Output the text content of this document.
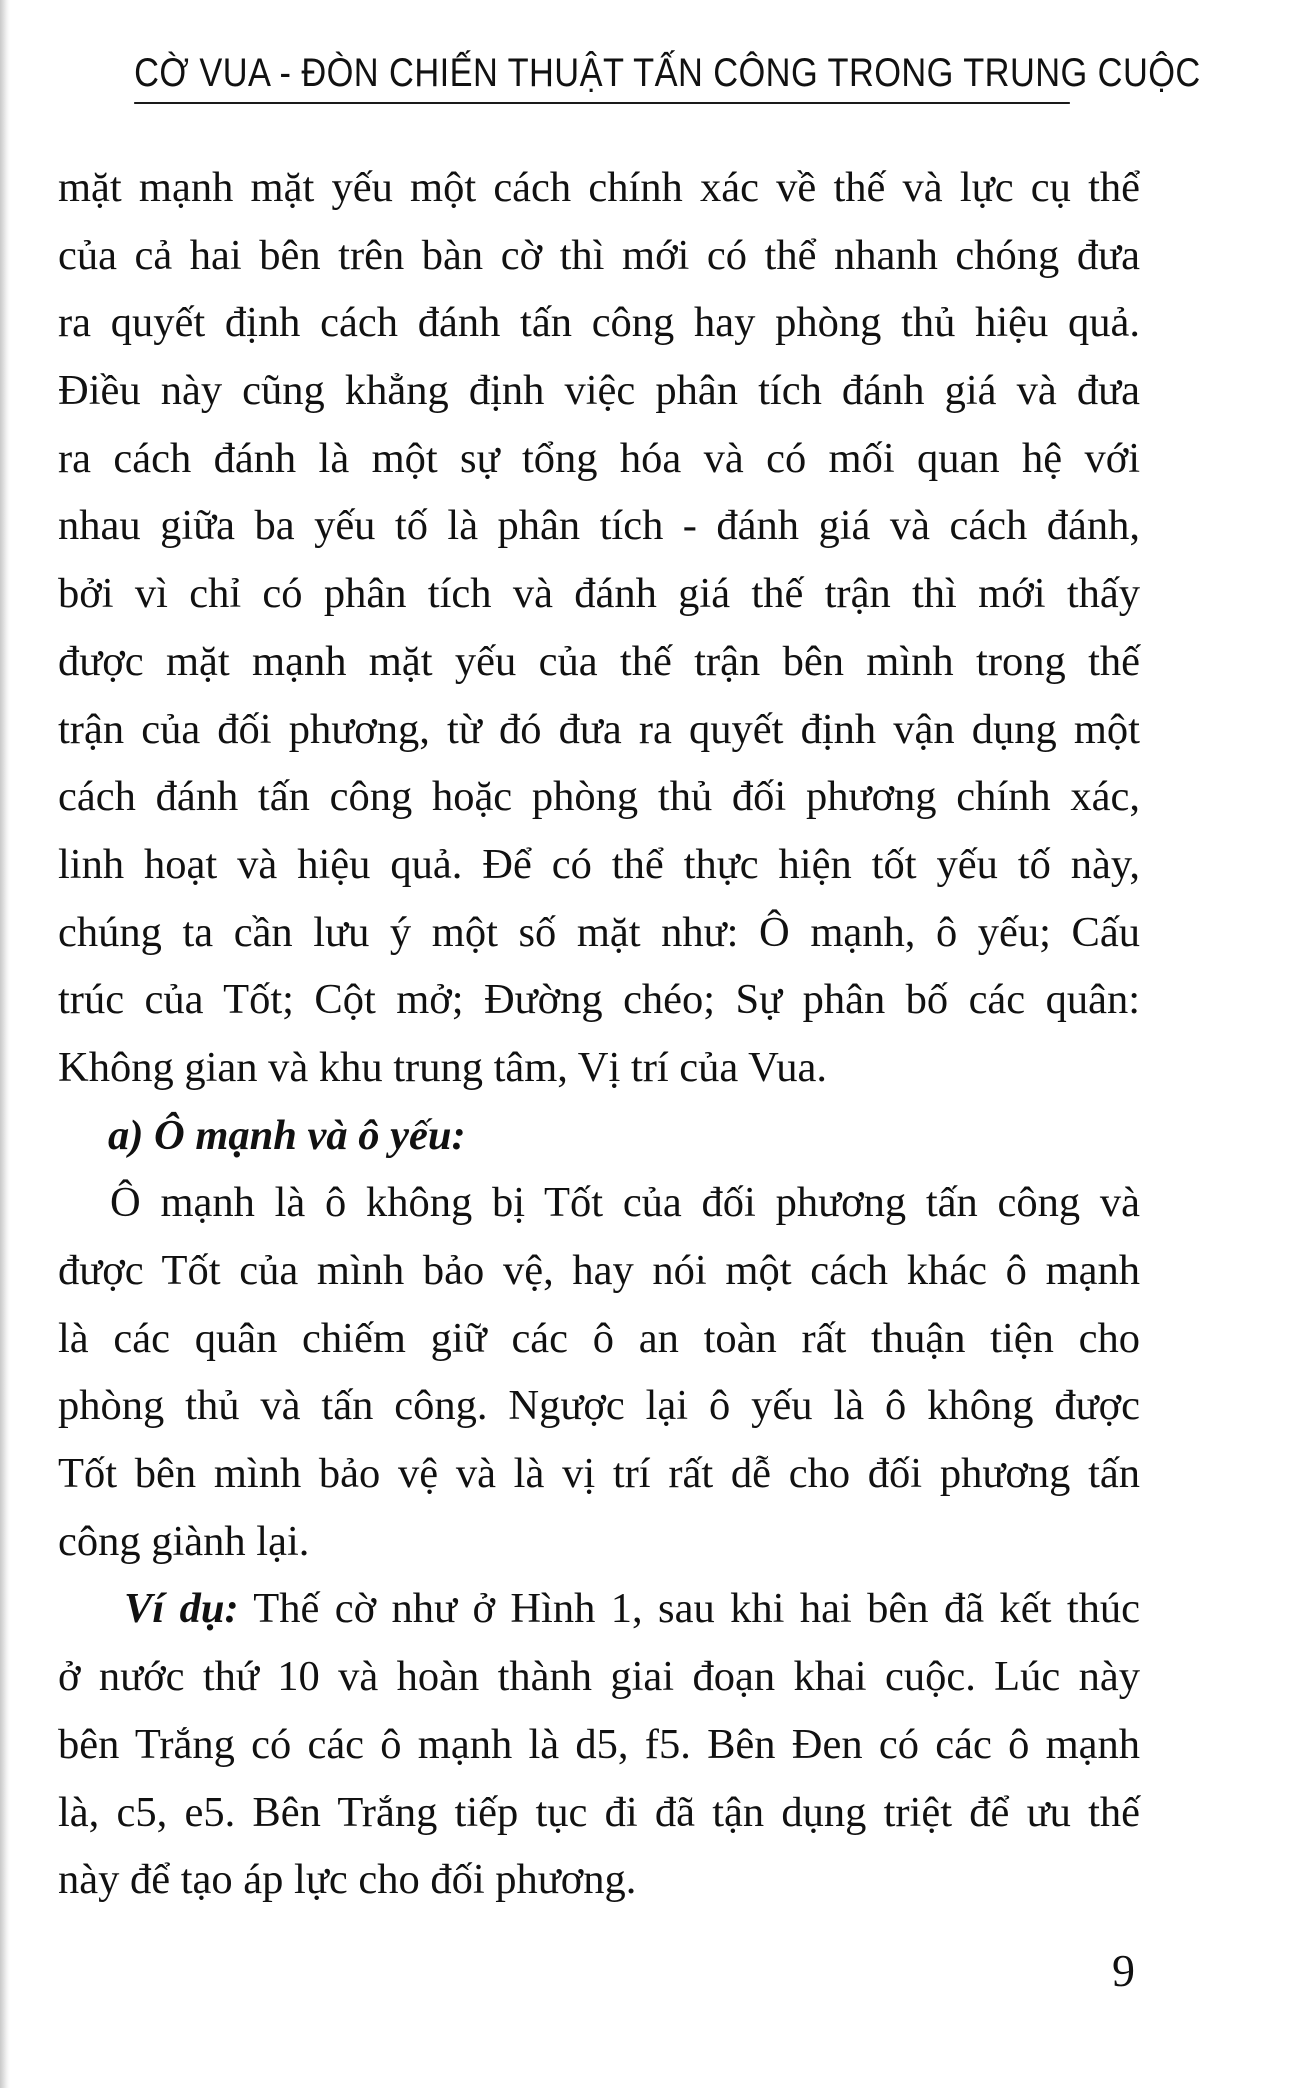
CỜ VUA - ĐÒN CHIẾN THUẬT TẤN CÔNG TRONG TRUNG CUỘC
mặt mạnh mặt yếu một cách chính xác về thế và lực cụ thể
của cả hai bên trên bàn cờ thì mới có thể nhanh chóng đưa
ra quyết định cách đánh tấn công hay phòng thủ hiệu quả.
Điều này cũng khẳng định việc phân tích đánh giá và đưa
ra cách đánh là một sự tổng hóa và có mối quan hệ với
nhau giữa ba yếu tố là phân tích - đánh giá và cách đánh,
bởi vì chỉ có phân tích và đánh giá thế trận thì mới thấy
được mặt mạnh mặt yếu của thế trận bên mình trong thế
trận của đối phương, từ đó đưa ra quyết định vận dụng một
cách đánh tấn công hoặc phòng thủ đối phương chính xác,
linh hoạt và hiệu quả. Để có thể thực hiện tốt yếu tố này,
chúng ta cần lưu ý một số mặt như: Ô mạnh, ô yếu; Cấu
trúc của Tốt; Cột mở; Đường chéo; Sự phân bố các quân:
Không gian và khu trung tâm, Vị trí của Vua.
a) Ô mạnh và ô yếu:
Ô mạnh là ô không bị Tốt của đối phương tấn công và
được Tốt của mình bảo vệ, hay nói một cách khác ô mạnh
là các quân chiếm giữ các ô an toàn rất thuận tiện cho
phòng thủ và tấn công. Ngược lại ô yếu là ô không được
Tốt bên mình bảo vệ và là vị trí rất dễ cho đối phương tấn
công giành lại.
Ví dụ: Thế cờ như ở Hình 1, sau khi hai bên đã kết thúc
ở nước thứ 10 và hoàn thành giai đoạn khai cuộc. Lúc này
bên Trắng có các ô mạnh là d5, f5. Bên Đen có các ô mạnh
là, c5, e5. Bên Trắng tiếp tục đi đã tận dụng triệt để ưu thế
này để tạo áp lực cho đối phương.
9
